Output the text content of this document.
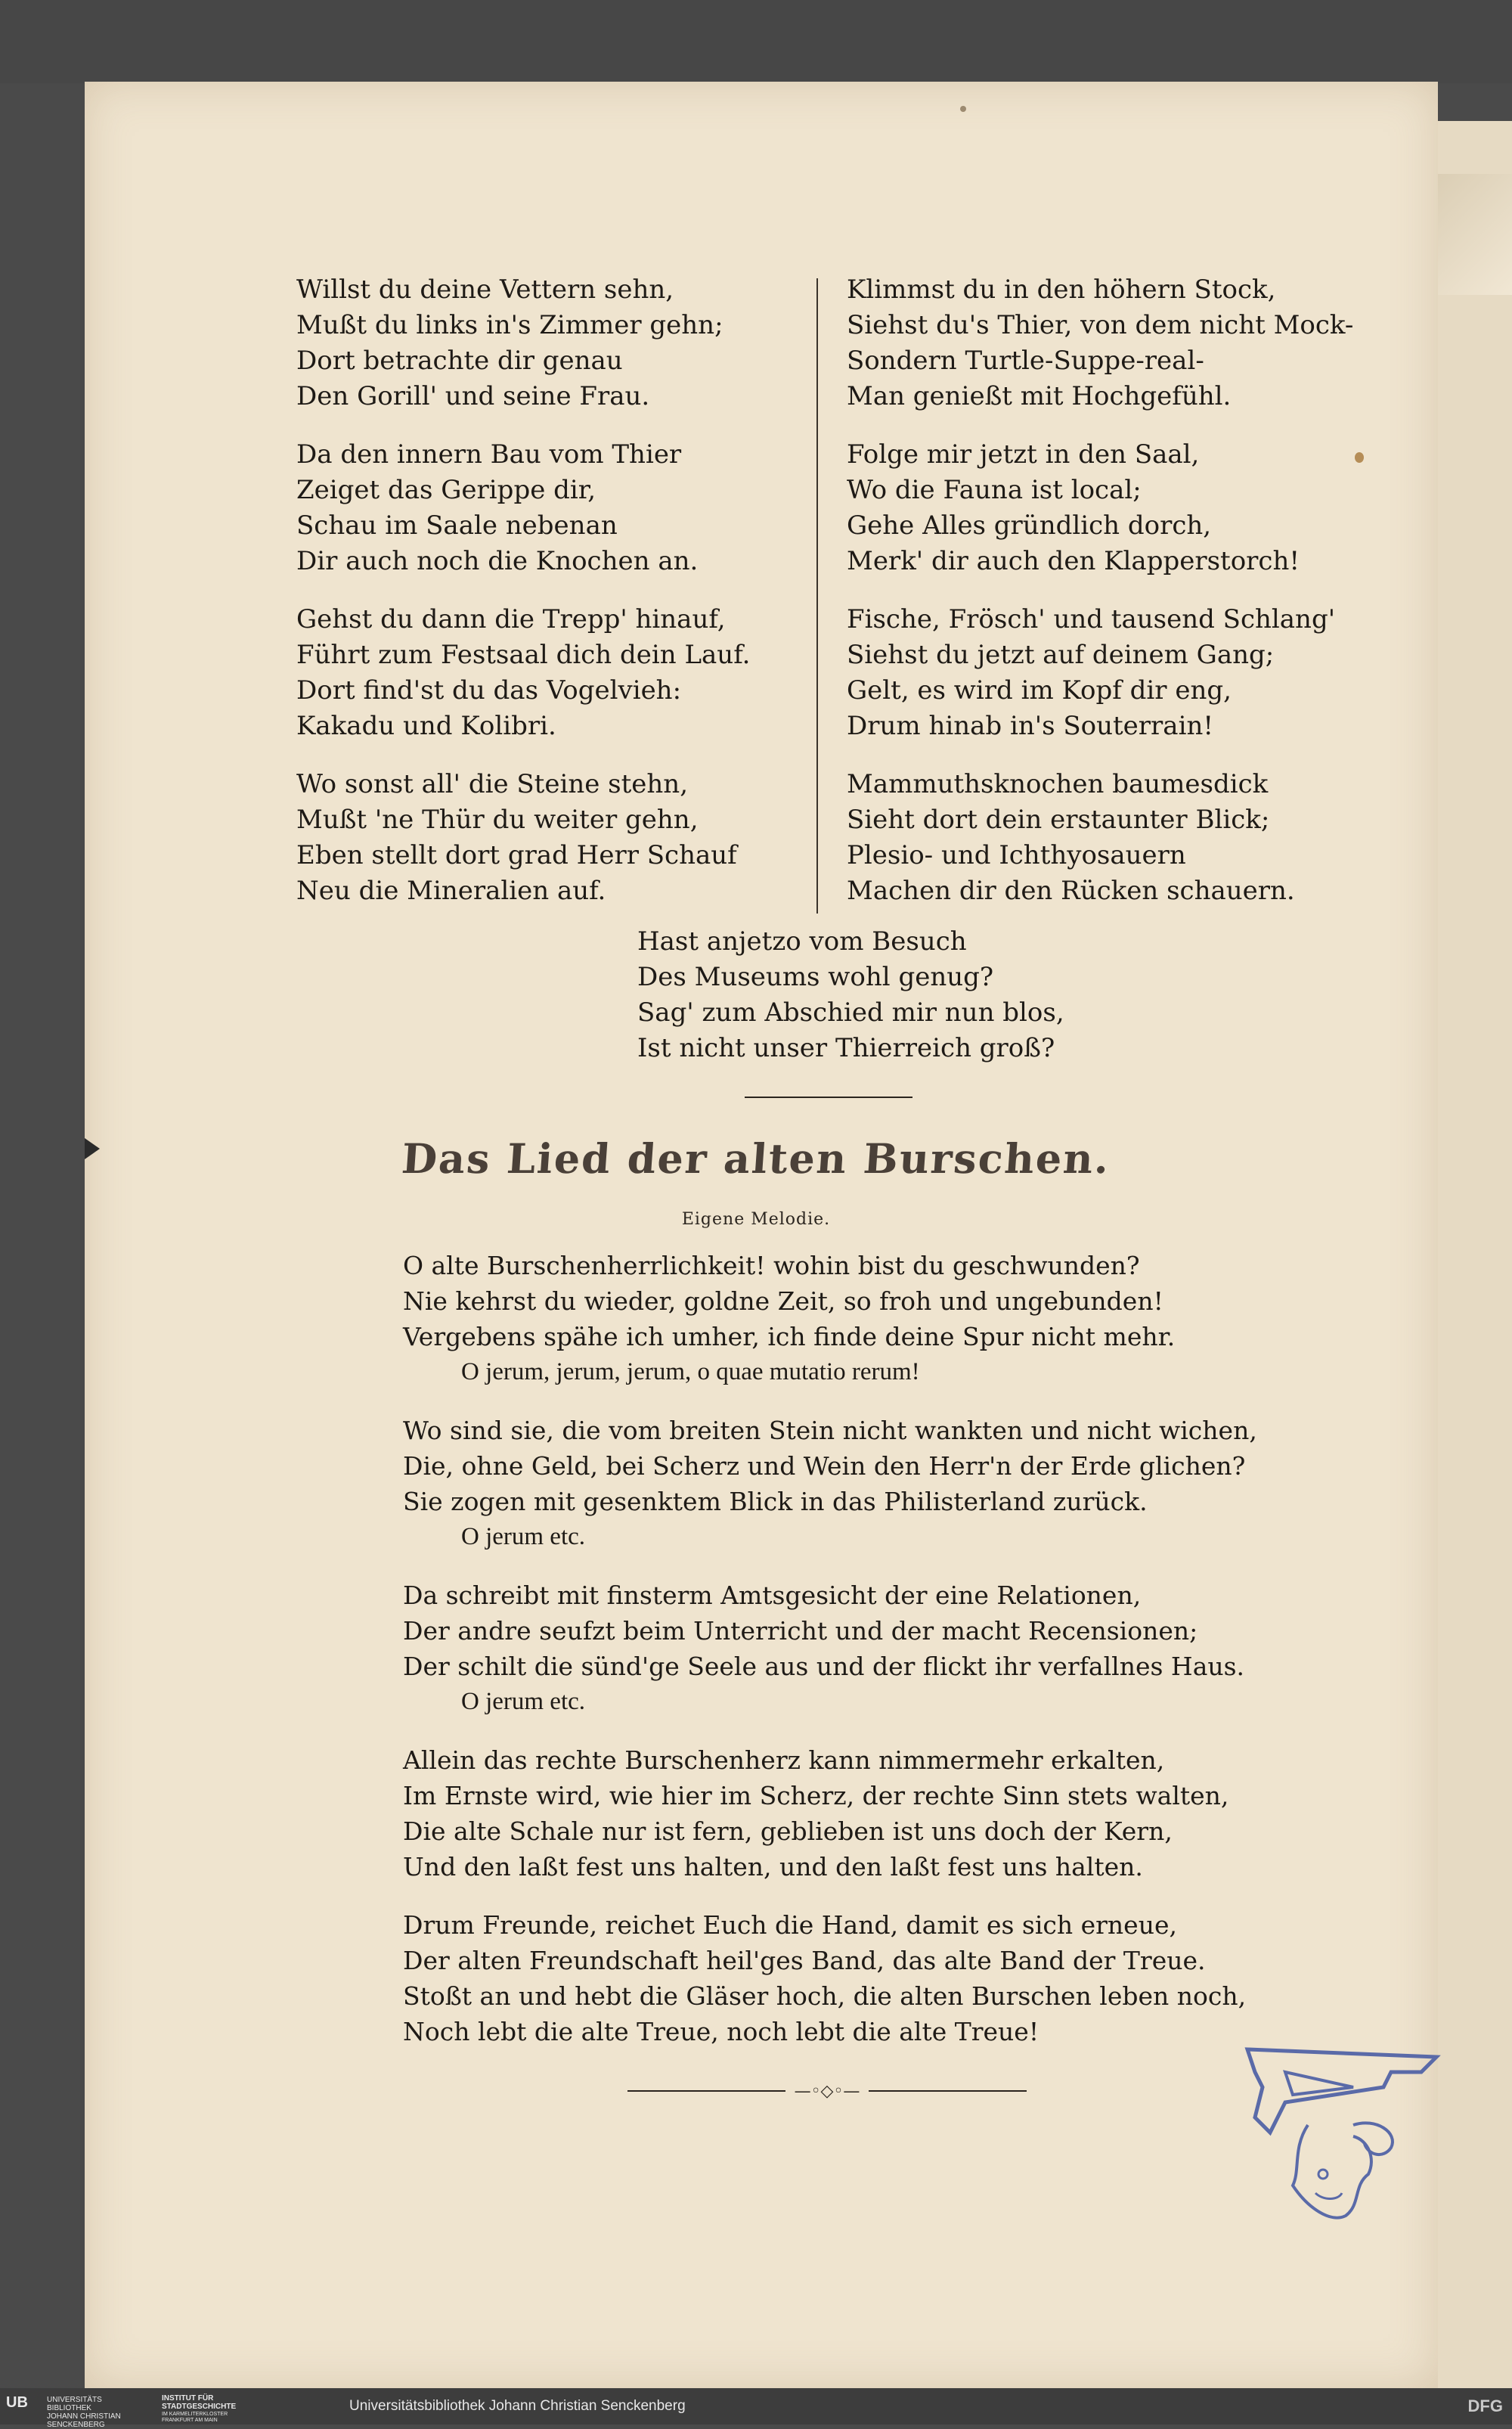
Willst du deine Vettern sehn,
Mußt du links in's Zimmer gehn;
Dort betrachte dir genau
Den Gorill' und seine Frau.
Da den innern Bau vom Thier
Zeiget das Gerippe dir,
Schau im Saale nebenan
Dir auch noch die Knochen an.
Gehst du dann die Trepp' hinauf,
Führt zum Festsaal dich dein Lauf.
Dort find'st du das Vogelvieh:
Kakadu und Kolibri.
Wo sonst all' die Steine stehn,
Mußt 'ne Thür du weiter gehn,
Eben stellt dort grad Herr Schauf
Neu die Mineralien auf.
Klimmst du in den höhern Stock,
Siehst du's Thier, von dem nicht Mock-
Sondern Turtle-Suppe-real-
Man genießt mit Hochgefühl.
Folge mir jetzt in den Saal,
Wo die Fauna ist local;
Gehe Alles gründlich dorch,
Merk' dir auch den Klapperstorch!
Fische, Frösch' und tausend Schlang'
Siehst du jetzt auf deinem Gang;
Gelt, es wird im Kopf dir eng,
Drum hinab in's Souterrain!
Mammuthsknochen baumesdick
Sieht dort dein erstaunter Blick;
Plesio- und Ichthyosauern
Machen dir den Rücken schauern.
Hast anjetzo vom Besuch
Des Museums wohl genug?
Sag' zum Abschied mir nun blos,
Ist nicht unser Thierreich groß?
Das Lied der alten Burschen.
Eigene Melodie.
O alte Burschenherrlichkeit! wohin bist du geschwunden?
Nie kehrst du wieder, goldne Zeit, so froh und ungebunden!
Vergebens spähe ich umher, ich finde deine Spur nicht mehr.
O jerum, jerum, jerum, o quae mutatio rerum!
Wo sind sie, die vom breiten Stein nicht wankten und nicht wichen,
Die, ohne Geld, bei Scherz und Wein den Herr'n der Erde glichen?
Sie zogen mit gesenktem Blick in das Philisterland zurück.
O jerum etc.
Da schreibt mit finsterm Amtsgesicht der eine Relationen,
Der andre seufzt beim Unterricht und der macht Recensionen;
Der schilt die sünd'ge Seele aus und der flickt ihr verfallnes Haus.
O jerum etc.
Allein das rechte Burschenherz kann nimmermehr erkalten,
Im Ernste wird, wie hier im Scherz, der rechte Sinn stets walten,
Die alte Schale nur ist fern, geblieben ist uns doch der Kern,
Und den laßt fest uns halten, und den laßt fest uns halten.
Drum Freunde, reichet Euch die Hand, damit es sich erneue,
Der alten Freundschaft heil'ges Band, das alte Band der Treue.
Stoßt an und hebt die Gläser hoch, die alten Burschen leben noch,
Noch lebt die alte Treue, noch lebt die alte Treue!
—◦◇◦—
UB	UNIVERSITÄTS
BIBLIOTHEK
JOHANN CHRISTIAN
SENCKENBERG
INSTITUT FÜR
STADTGESCHICHTE
IM KARMELITERKLOSTER
FRANKFURT AM MAIN
Universitätsbibliothek Johann Christian Senckenberg	DFG
